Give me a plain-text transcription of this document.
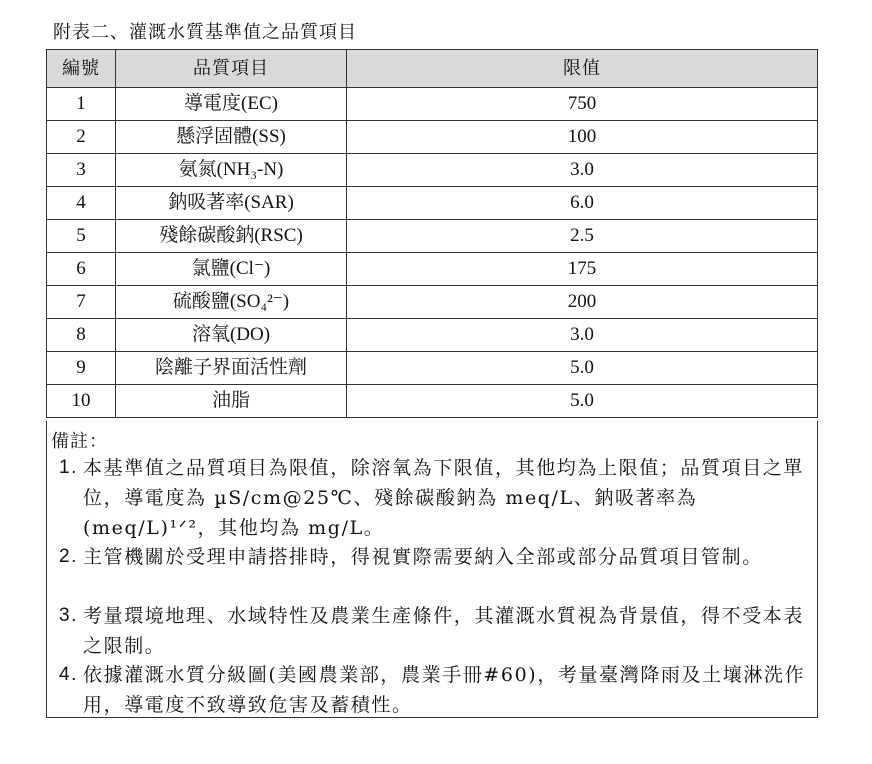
附表二、灌溉水質基準值之品質項目
編號	品質項目	限值
1	導電度(EC)	750
2	懸浮固體(SS)	100
3	氨氮(NH₃-N)	3.0
4	鈉吸著率(SAR)	6.0
5	殘餘碳酸鈉(RSC)	2.5
6	氯鹽(Cl⁻)	175
7	硫酸鹽(SO₄²⁻)	200
8	溶氧(DO)	3.0
9	陰離子界面活性劑	5.0
10	油脂	5.0
備註：
1. 本基準值之品質項目為限值，除溶氧為下限值，其他均為上限值；品質項目之單位，導電度為 µS/cm@25℃、殘餘碳酸鈉為 meq/L、鈉吸著率為(meq/L)¹ᐟ²，其他均為 mg/L。
2. 主管機關於受理申請搭排時，得視實際需要納入全部或部分品質項目管制。
3. 考量環境地理、水域特性及農業生產條件，其灌溉水質視為背景值，得不受本表之限制。
4. 依據灌溉水質分級圖(美國農業部，農業手冊#60)，考量臺灣降雨及土壤淋洗作用，導電度不致導致危害及蓄積性。
